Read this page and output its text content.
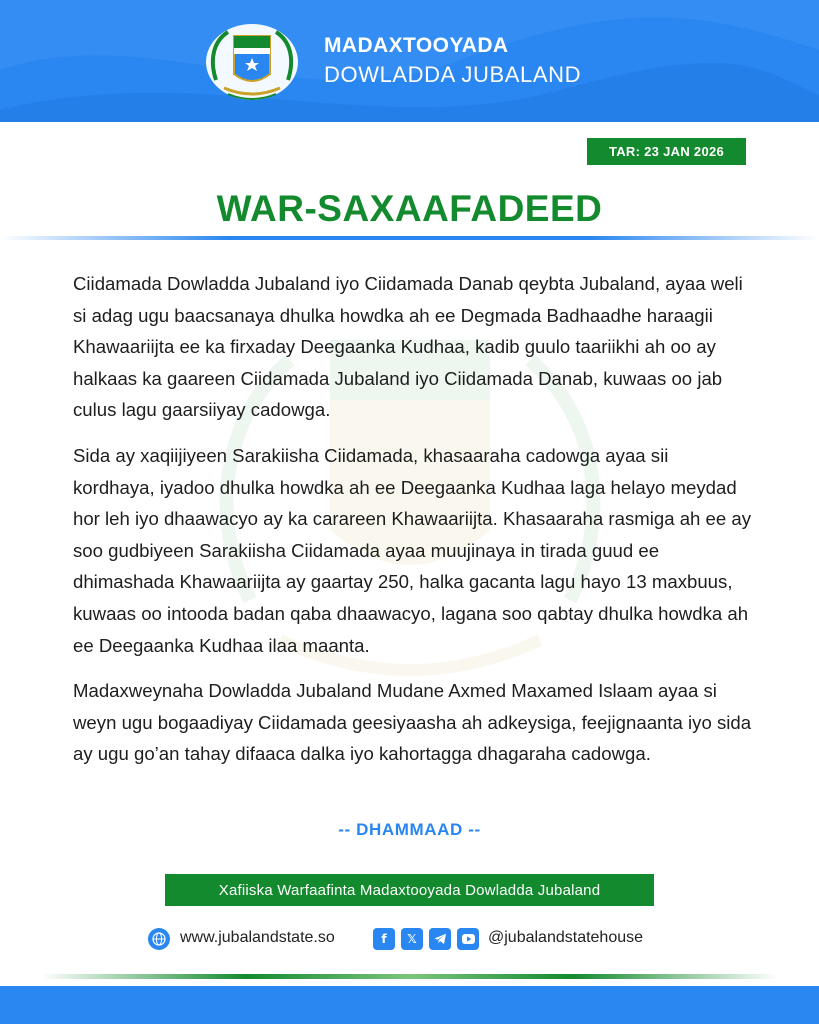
MADAXTOOYADA
DOWLADDA JUBALAND
TAR: 23 JAN 2026
WAR-SAXAAFADEED

Ciidamada Dowladda Jubaland iyo Ciidamada Danab qeybta Jubaland, ayaa weli si adag ugu baacsanaya dhulka howdka ah ee Degmada Badhaadhe haraagii Khawaariijta ee ka firxaday Deegaanka Kudhaa, kadib guulo taariikhi ah oo ay halkaas ka gaareen Ciidamada Jubaland iyo Ciidamada Danab, kuwaas oo jab culus lagu gaarsiiyay cadowga.

Sida ay xaqiijiyeen Sarakiisha Ciidamada, khasaaraha cadowga ayaa sii kordhaya, iyadoo dhulka howdka ah ee Deegaanka Kudhaa laga helayo meydad hor leh iyo dhaawacyo ay ka carareen Khawaariijta. Khasaaraha rasmiga ah ee ay soo gudbiyeen Sarakiisha Ciidamada ayaa muujinaya in tirada guud ee dhimashada Khawaariijta ay gaartay 250, halka gacanta lagu hayo 13 maxbuus, kuwaas oo intooda badan qaba dhaawacyo, lagana soo qabtay dhulka howdka ah ee Deegaanka Kudhaa ilaa maanta.

Madaxweynaha Dowladda Jubaland Mudane Axmed Maxamed Islaam ayaa si weyn ugu bogaadiyay Ciidamada geesiyaasha ah adkeysiga, feejignaanta iyo sida ay ugu go’an tahay difaaca dalka iyo kahortagga dhagaraha cadowga.

-- DHAMMAAD --
Xafiiska Warfaafinta Madaxtooyada Dowladda Jubaland
www.jubalandstate.so	f	𝕏	@jubalandstatehouse
